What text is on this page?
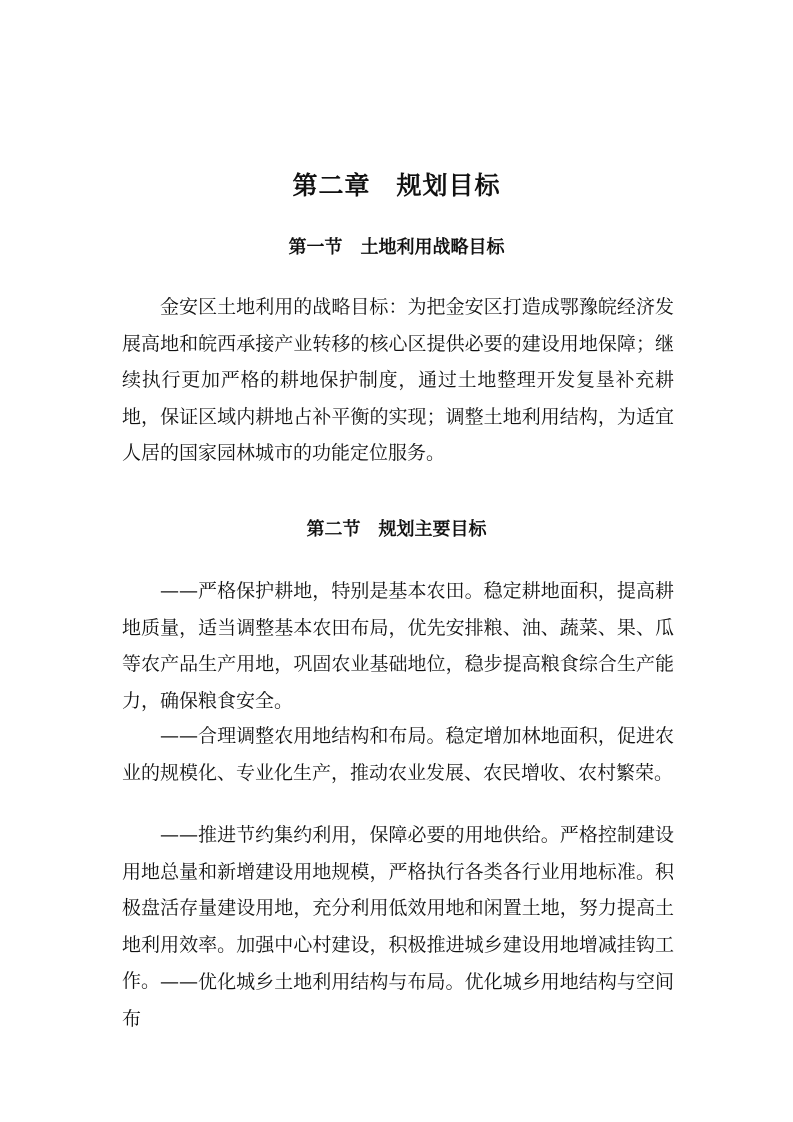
第二章　规划目标
第一节　土地利用战略目标
金安区土地利用的战略目标：为把金安区打造成鄂豫皖经济发展高地和皖西承接产业转移的核心区提供必要的建设用地保障；继续执行更加严格的耕地保护制度，通过土地整理开发复垦补充耕地，保证区域内耕地占补平衡的实现；调整土地利用结构，为适宜人居的国家园林城市的功能定位服务。
第二节　规划主要目标
——严格保护耕地，特别是基本农田。稳定耕地面积，提高耕地质量，适当调整基本农田布局，优先安排粮、油、蔬菜、果、瓜等农产品生产用地，巩固农业基础地位，稳步提高粮食综合生产能力，确保粮食安全。
——合理调整农用地结构和布局。稳定增加林地面积，促进农业的规模化、专业化生产，推动农业发展、农民增收、农村繁荣。
——推进节约集约利用，保障必要的用地供给。严格控制建设用地总量和新增建设用地规模，严格执行各类各行业用地标准。积极盘活存量建设用地，充分利用低效用地和闲置土地，努力提高土地利用效率。加强中心村建设，积极推进城乡建设用地增减挂钩工作。 ——优化城乡土地利用结构与布局。优化城乡用地结构与空间布
